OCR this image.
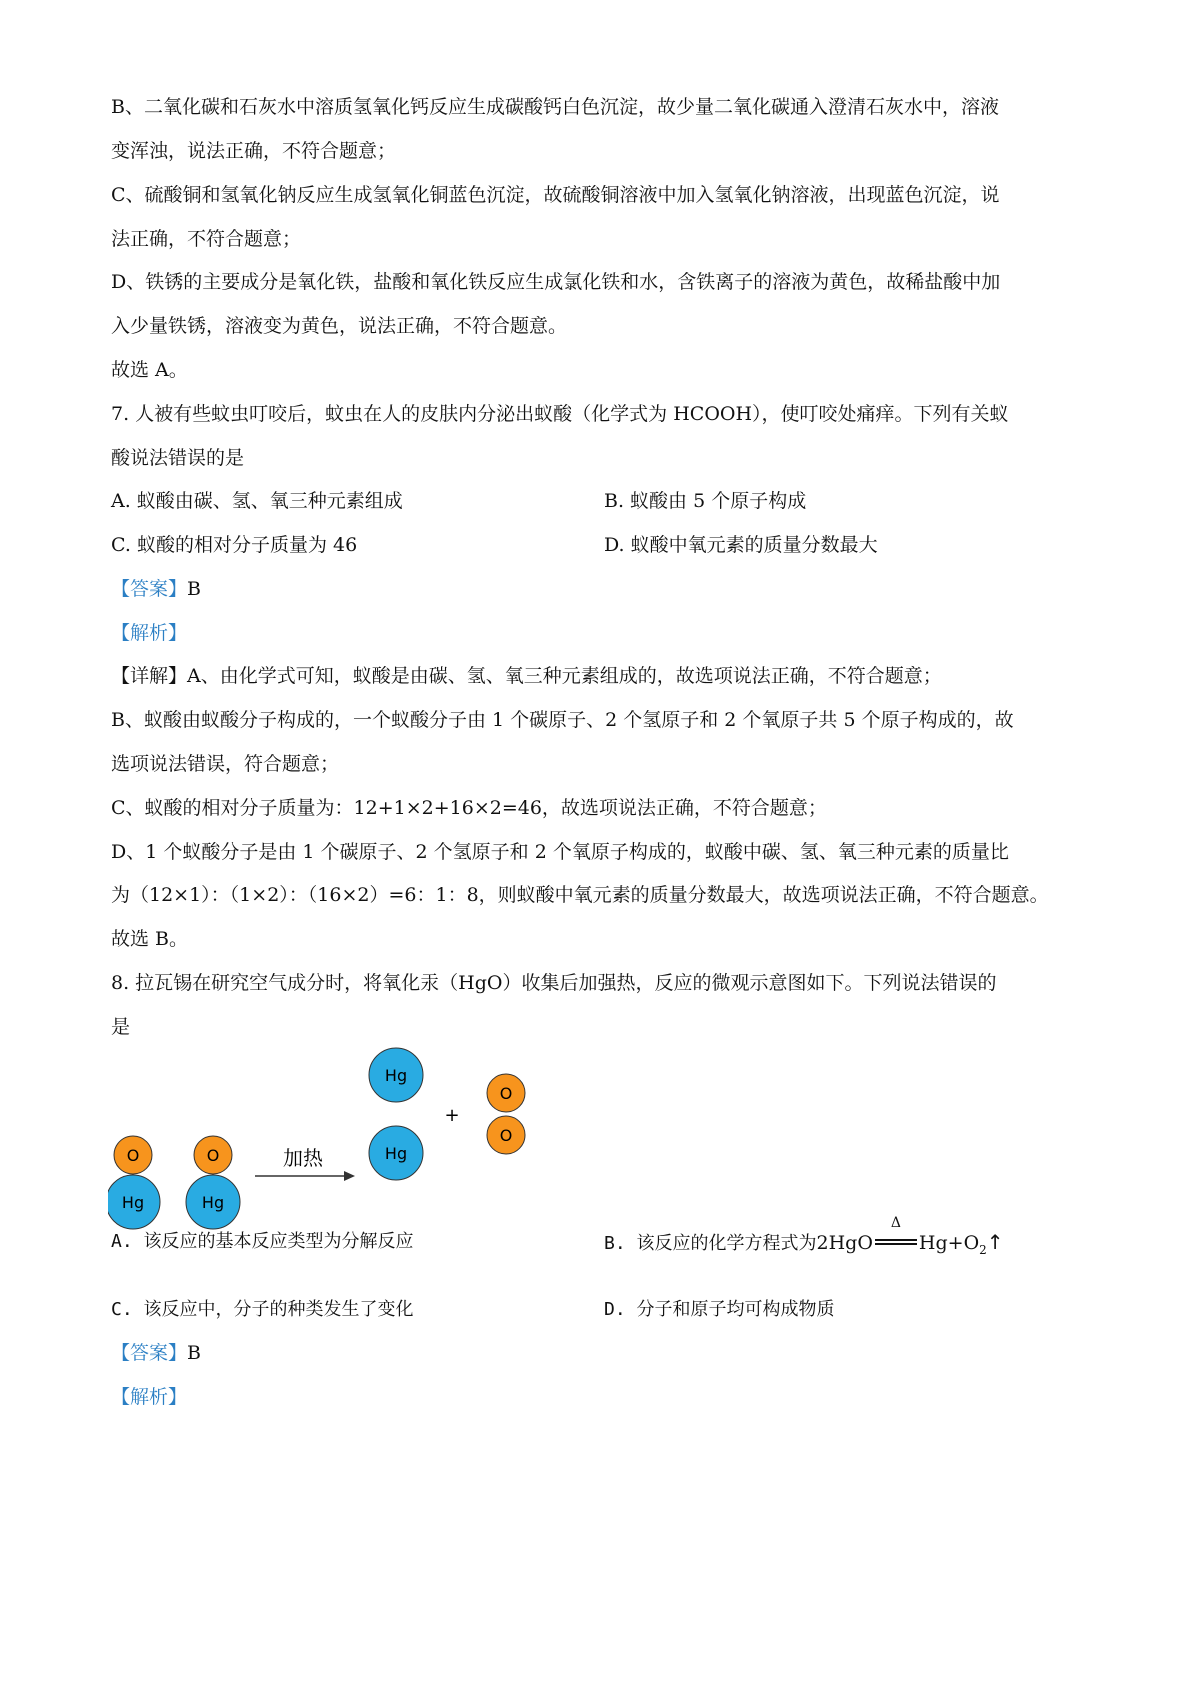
B、二氧化碳和石灰水中溶质氢氧化钙反应生成碳酸钙白色沉淀，故少量二氧化碳通入澄清石灰水中，溶液
变浑浊，说法正确，不符合题意；
C、硫酸铜和氢氧化钠反应生成氢氧化铜蓝色沉淀，故硫酸铜溶液中加入氢氧化钠溶液，出现蓝色沉淀，说
法正确，不符合题意；
D、铁锈的主要成分是氧化铁，盐酸和氧化铁反应生成氯化铁和水，含铁离子的溶液为黄色，故稀盐酸中加
入少量铁锈，溶液变为黄色，说法正确，不符合题意。
故选 A。
7. 人被有些蚊虫叮咬后，蚊虫在人的皮肤内分泌出蚁酸（化学式为 HCOOH），使叮咬处痛痒。下列有关蚁
酸说法错误的是
A. 蚁酸由碳、氢、氧三种元素组成	B. 蚁酸由 5 个原子构成
C. 蚁酸的相对分子质量为 46	D. 蚁酸中氧元素的质量分数最大
【答案】B
【解析】
【详解】A、由化学式可知，蚁酸是由碳、氢、氧三种元素组成的，故选项说法正确，不符合题意；
B、蚁酸由蚁酸分子构成的，一个蚁酸分子由 1 个碳原子、2 个氢原子和 2 个氧原子共 5 个原子构成的，故
选项说法错误，符合题意；
C、蚁酸的相对分子质量为：12+1×2+16×2=46，故选项说法正确，不符合题意；
D、1 个蚁酸分子是由 1 个碳原子、2 个氢原子和 2 个氧原子构成的，蚁酸中碳、氢、氧三种元素的质量比
为（12×1）：（1×2）：（16×2）=6：1：8，则蚁酸中氧元素的质量分数最大，故选项说法正确，不符合题意。
故选 B。
8. 拉瓦锡在研究空气成分时，将氧化汞（HgO）收集后加强热，反应的微观示意图如下。下列说法错误的
是
O
Hg
O
Hg
加热
Hg
Hg
+
O
O
A. 该反应的基本反应类型为分解反应	B. 该反应的化学方程式为2HgO
Δ
$Hg+O_2↑$
C. 该反应中，分子的种类发生了变化	D. 分子和原子均可构成物质
【答案】B
【解析】
